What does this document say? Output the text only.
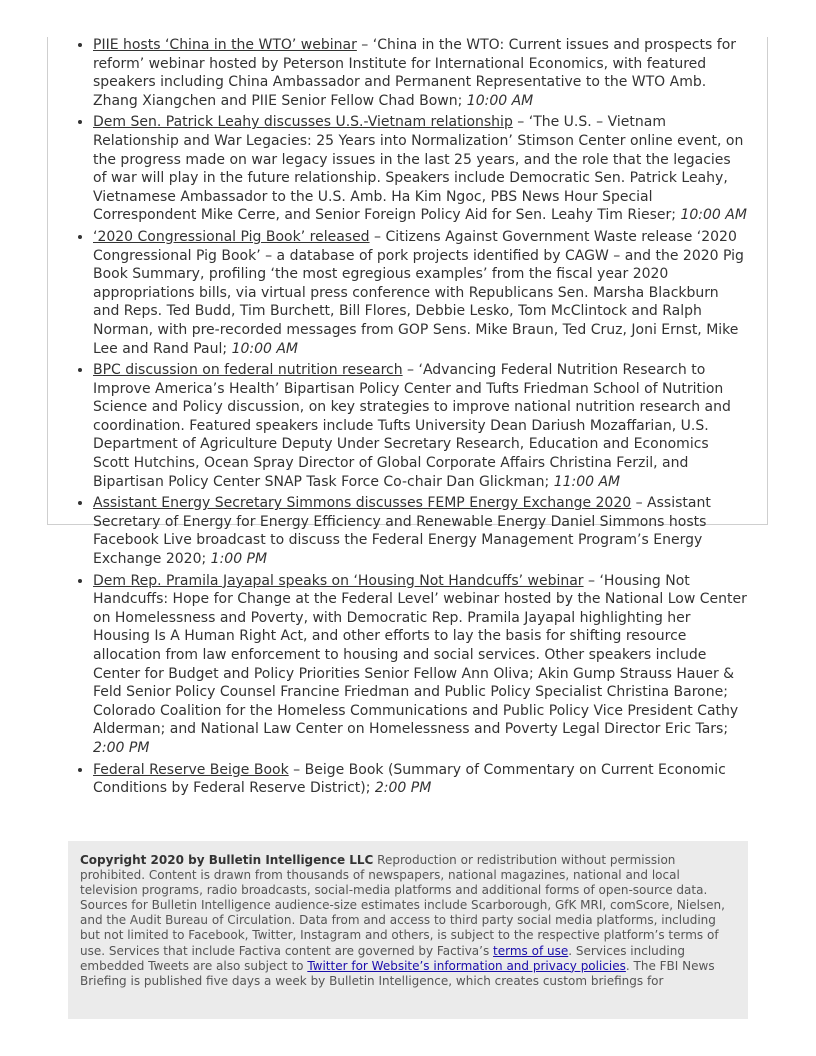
• PIIE hosts ‘China in the WTO’ webinar – ‘China in the WTO: Current issues and prospects for reform’ webinar hosted by Peterson Institute for International Economics, with featured speakers including China Ambassador and Permanent Representative to the WTO Amb. Zhang Xiangchen and PIIE Senior Fellow Chad Bown; 10:00 AM
• Dem Sen. Patrick Leahy discusses U.S.-Vietnam relationship – ‘The U.S. – Vietnam Relationship and War Legacies: 25 Years into Normalization’ Stimson Center online event, on the progress made on war legacy issues in the last 25 years, and the role that the legacies of war will play in the future relationship. Speakers include Democratic Sen. Patrick Leahy, Vietnamese Ambassador to the U.S. Amb. Ha Kim Ngoc, PBS News Hour Special Correspondent Mike Cerre, and Senior Foreign Policy Aid for Sen. Leahy Tim Rieser; 10:00 AM
• ‘2020 Congressional Pig Book’ released – Citizens Against Government Waste release ‘2020 Congressional Pig Book’ – a database of pork projects identified by CAGW – and the 2020 Pig Book Summary, profiling ‘the most egregious examples’ from the fiscal year 2020 appropriations bills, via virtual press conference with Republicans Sen. Marsha Blackburn and Reps. Ted Budd, Tim Burchett, Bill Flores, Debbie Lesko, Tom McClintock and Ralph Norman, with pre-recorded messages from GOP Sens. Mike Braun, Ted Cruz, Joni Ernst, Mike Lee and Rand Paul; 10:00 AM
• BPC discussion on federal nutrition research – ‘Advancing Federal Nutrition Research to Improve America’s Health’ Bipartisan Policy Center and Tufts Friedman School of Nutrition Science and Policy discussion, on key strategies to improve national nutrition research and coordination. Featured speakers include Tufts University Dean Dariush Mozaffarian, U.S. Department of Agriculture Deputy Under Secretary Research, Education and Economics Scott Hutchins, Ocean Spray Director of Global Corporate Affairs Christina Ferzil, and Bipartisan Policy Center SNAP Task Force Co-chair Dan Glickman; 11:00 AM
• Assistant Energy Secretary Simmons discusses FEMP Energy Exchange 2020 – Assistant Secretary of Energy for Energy Efficiency and Renewable Energy Daniel Simmons hosts Facebook Live broadcast to discuss the Federal Energy Management Program’s Energy Exchange 2020; 1:00 PM
• Dem Rep. Pramila Jayapal speaks on ‘Housing Not Handcuffs’ webinar – ‘Housing Not Handcuffs: Hope for Change at the Federal Level’ webinar hosted by the National Low Center on Homelessness and Poverty, with Democratic Rep. Pramila Jayapal highlighting her Housing Is A Human Right Act, and other efforts to lay the basis for shifting resource allocation from law enforcement to housing and social services. Other speakers include Center for Budget and Policy Priorities Senior Fellow Ann Oliva; Akin Gump Strauss Hauer & Feld Senior Policy Counsel Francine Friedman and Public Policy Specialist Christina Barone; Colorado Coalition for the Homeless Communications and Public Policy Vice President Cathy Alderman; and National Law Center on Homelessness and Poverty Legal Director Eric Tars; 2:00 PM
• Federal Reserve Beige Book – Beige Book (Summary of Commentary on Current Economic Conditions by Federal Reserve District); 2:00 PM
Copyright 2020 by Bulletin Intelligence LLC Reproduction or redistribution without permission prohibited. Content is drawn from thousands of newspapers, national magazines, national and local television programs, radio broadcasts, social-media platforms and additional forms of open-source data. Sources for Bulletin Intelligence audience-size estimates include Scarborough, GfK MRI, comScore, Nielsen, and the Audit Bureau of Circulation. Data from and access to third party social media platforms, including but not limited to Facebook, Twitter, Instagram and others, is subject to the respective platform’s terms of use. Services that include Factiva content are governed by Factiva’s terms of use. Services including embedded Tweets are also subject to Twitter for Website’s information and privacy policies. The FBI News Briefing is published five days a week by Bulletin Intelligence, which creates custom briefings for
